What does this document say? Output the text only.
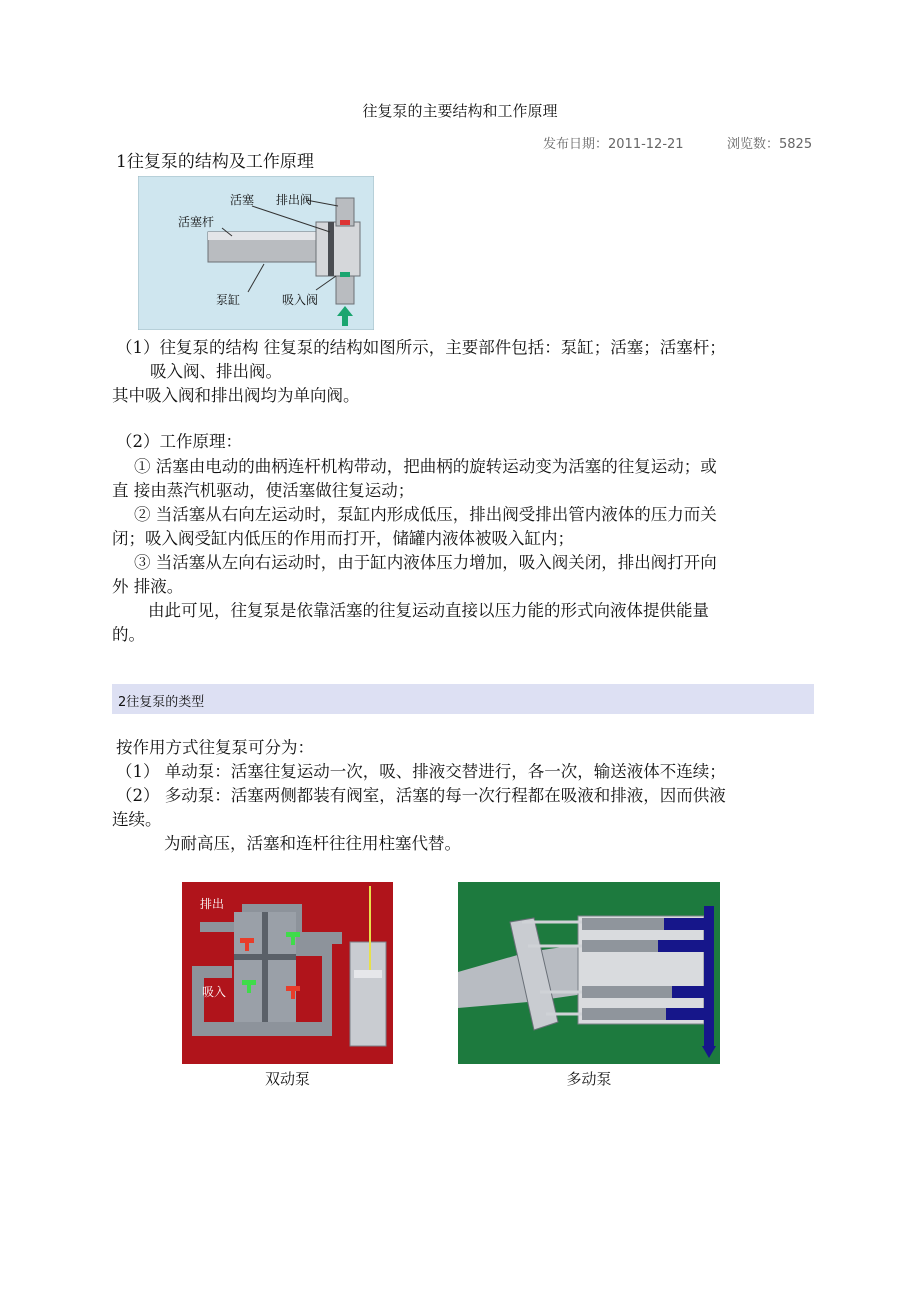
往复泵的主要结构和工作原理
发布日期：2011-12-21	浏览数：5825
1往复泵的结构及工作原理
活塞 排出阀
活塞杆
泵缸	吸入阀
（1）往复泵的结构 往复泵的结构如图所示，主要部件包括：泵缸；活塞；活塞杆；
吸入阀、排出阀。
其中吸入阀和排出阀均为单向阀。
（2）工作原理：
① 活塞由电动的曲柄连杆机构带动，把曲柄的旋转运动变为活塞的往复运动；或
直 接由蒸汽机驱动，使活塞做往复运动；
② 当活塞从右向左运动时，泵缸内形成低压，排出阀受排出管内液体的压力而关
闭；吸入阀受缸内低压的作用而打开，储罐内液体被吸入缸内；
③ 当活塞从左向右运动时，由于缸内液体压力增加，吸入阀关闭，排出阀打开向
外 排液。
由此可见，往复泵是依靠活塞的往复运动直接以压力能的形式向液体提供能量
的。
2往复泵的类型
按作用方式往复泵可分为：
（1） 单动泵：活塞往复运动一次，吸、排液交替进行，各一次，输送液体不连续；
（2） 多动泵：活塞两侧都装有阀室，活塞的每一次行程都在吸液和排液，因而供液
连续。
为耐高压，活塞和连杆往往用柱塞代替。
排出
吸入
双动泵	多动泵
